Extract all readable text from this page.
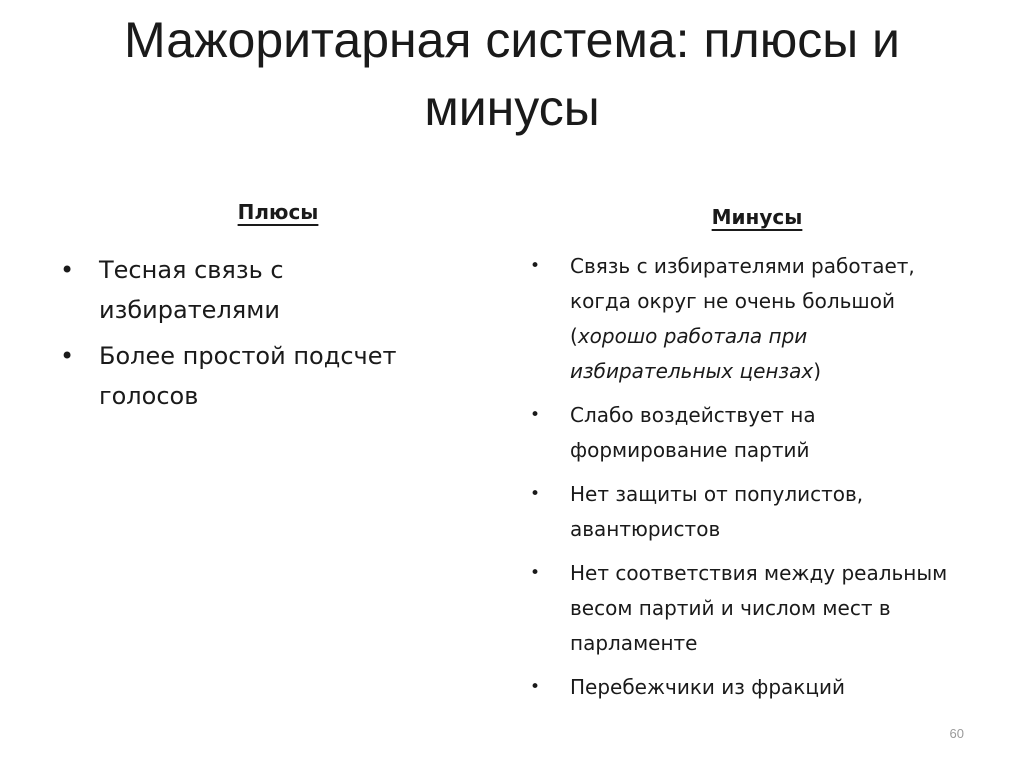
Мажоритарная система: плюсы и минусы
Плюсы
•	Тесная связь с избирателями
•	Более простой подсчет голосов
Минусы
•	Связь с избирателями работает, когда округ не очень большой (хорошо работала при избирательных цензах)
•	Слабо воздействует на формирование партий
•	Нет защиты от популистов, авантюристов
•	Нет соответствия между реальным весом партий и числом мест в парламенте
•	Перебежчики из фракций
60
